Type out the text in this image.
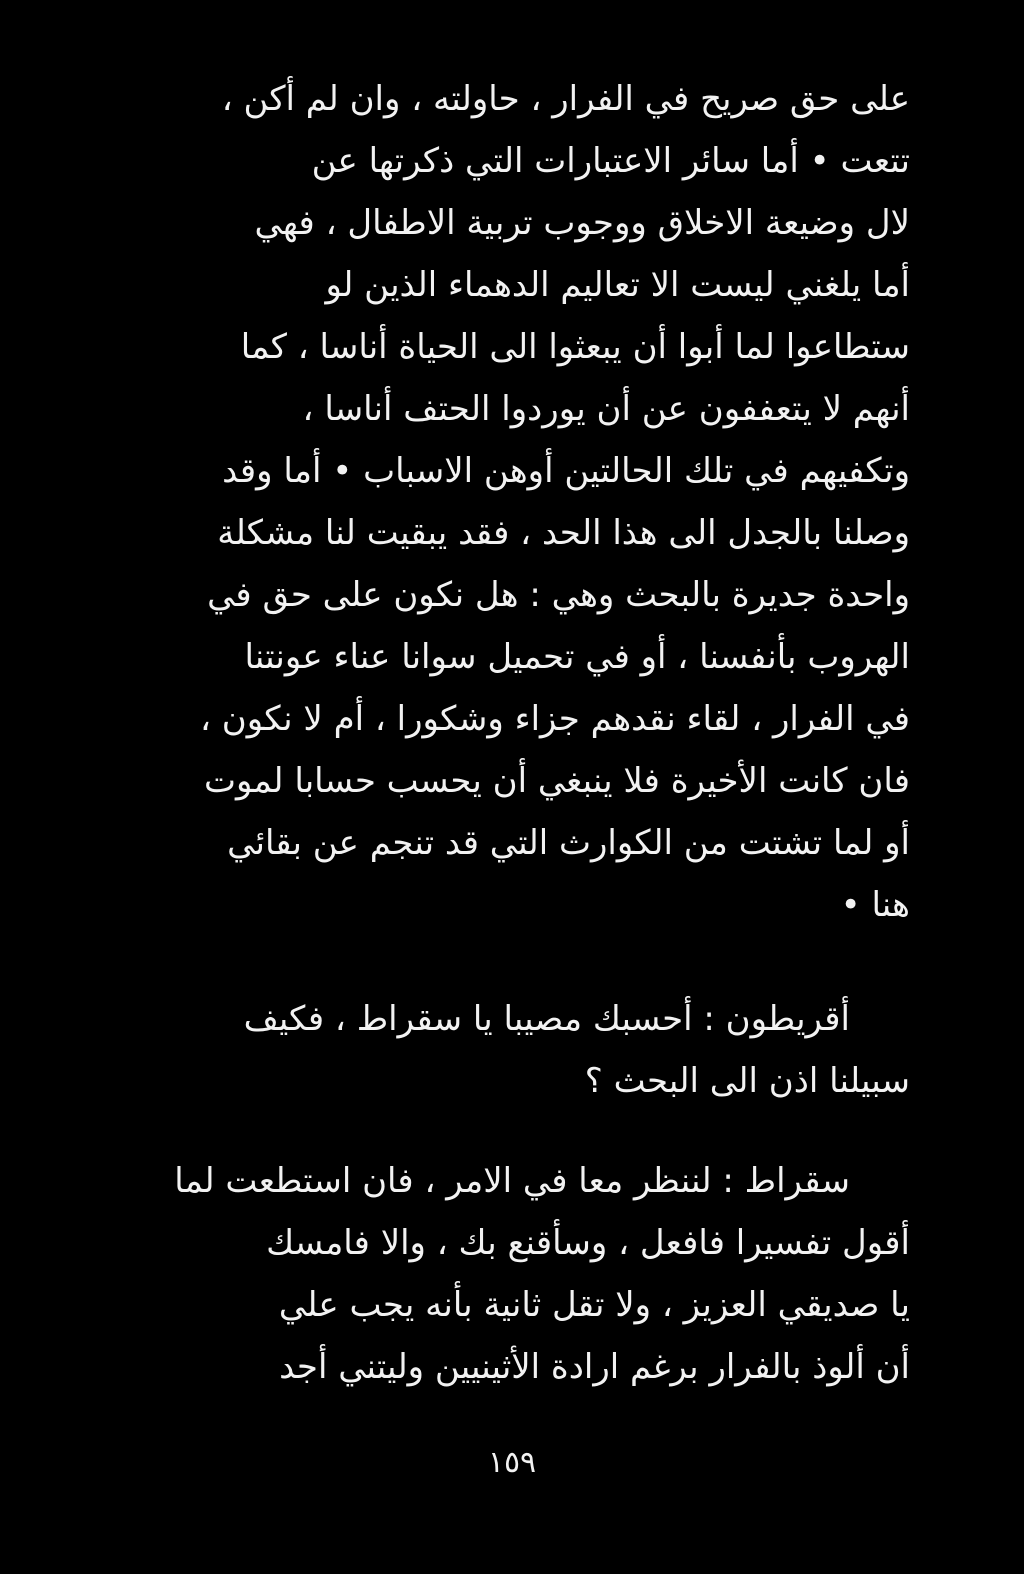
على حق صريح في الفرار ، حاولته ، وان لم أكن ،
تتعت • أما سائر الاعتبارات التي ذكرتها عن
لال وضيعة الاخلاق ووجوب تربية الاطفال ، فهي
أما يلغني ليست الا تعاليم الدهماء الذين لو
ستطاعوا لما أبوا أن يبعثوا الى الحياة أناسا ، كما
أنهم لا يتعففون عن أن يوردوا الحتف أناسا ،
وتكفيهم في تلك الحالتين أوهن الاسباب • أما وقد
وصلنا بالجدل الى هذا الحد ، فقد يبقيت لنا مشكلة
واحدة جديرة بالبحث وهي : هل نكون على حق في
الهروب بأنفسنا ، أو في تحميل سوانا عناء عونتنا
في الفرار ، لقاء نقدهم جزاء وشكورا ، أم لا نكون ،
فان كانت الأخيرة فلا ينبغي أن يحسب حسابا لموت
أو لما تشتت من الكوارث التي قد تنجم عن بقائي
هنا •
أقريطون : أحسبك مصيبا يا سقراط ، فكيف
سبيلنا اذن الى البحث ؟
سقراط : لننظر معا في الامر ، فان استطعت لما
أقول تفسيرا فافعل ، وسأقنع بك ، والا فامسك
يا صديقي العزيز ، ولا تقل ثانية بأنه يجب علي
أن ألوذ بالفرار برغم ارادة الأثينيين وليتني أجد
١٥٩
